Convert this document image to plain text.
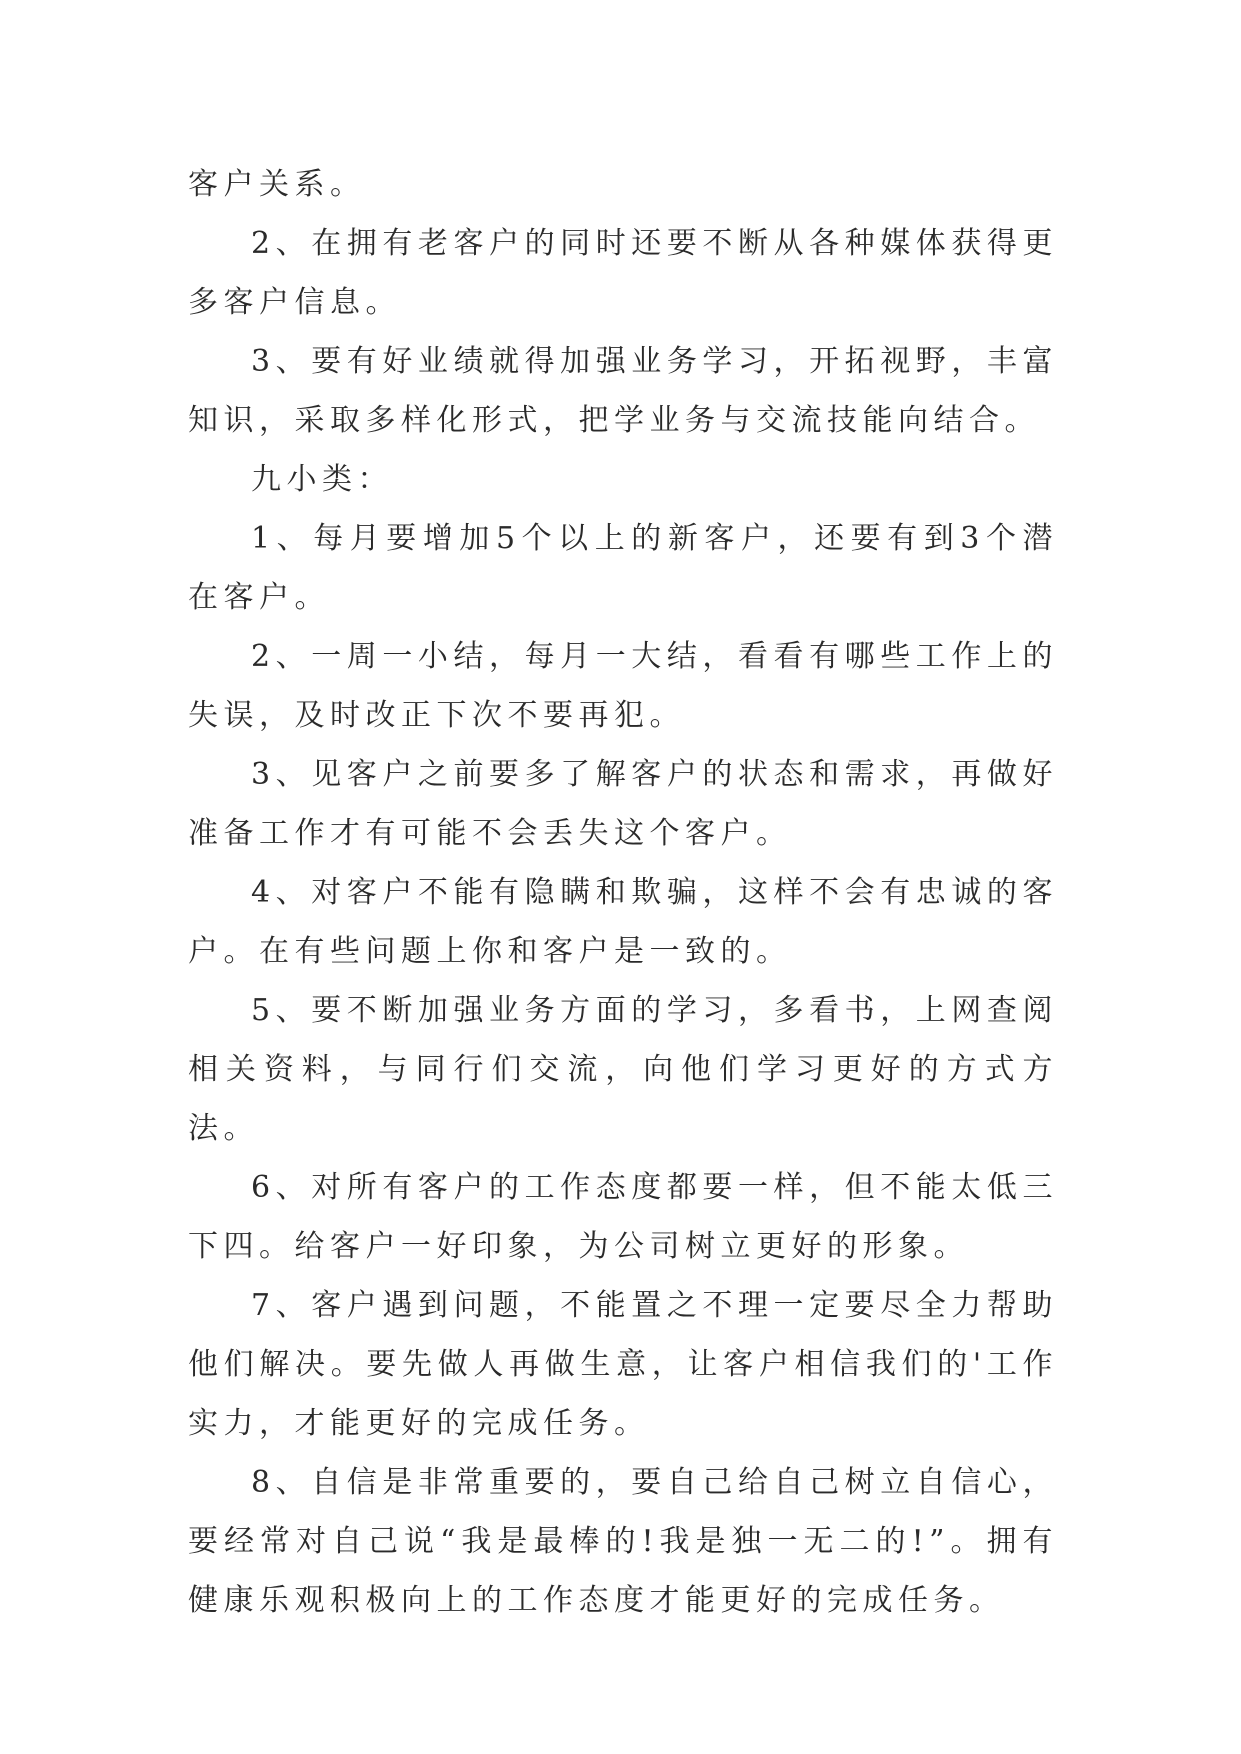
客户关系。

2、在拥有老客户的同时还要不断从各种媒体获得更多客户信息。

3、要有好业绩就得加强业务学习，开拓视野，丰富知识，采取多样化形式，把学业务与交流技能向结合。

九小类：

1、每月要增加5个以上的新客户，还要有到3个潜在客户。

2、一周一小结，每月一大结，看看有哪些工作上的失误，及时改正下次不要再犯。

3、见客户之前要多了解客户的状态和需求，再做好准备工作才有可能不会丢失这个客户。

4、对客户不能有隐瞒和欺骗，这样不会有忠诚的客户。在有些问题上你和客户是一致的。

5、要不断加强业务方面的学习，多看书，上网查阅相关资料，与同行们交流，向他们学习更好的方式方法。

6、对所有客户的工作态度都要一样，但不能太低三下四。给客户一好印象，为公司树立更好的形象。

7、客户遇到问题，不能置之不理一定要尽全力帮助他们解决。要先做人再做生意，让客户相信我们的'工作实力，才能更好的完成任务。

8、自信是非常重要的，要自己给自己树立自信心，要经常对自己说“我是最棒的!我是独一无二的!”。拥有健康乐观积极向上的工作态度才能更好的完成任务。
